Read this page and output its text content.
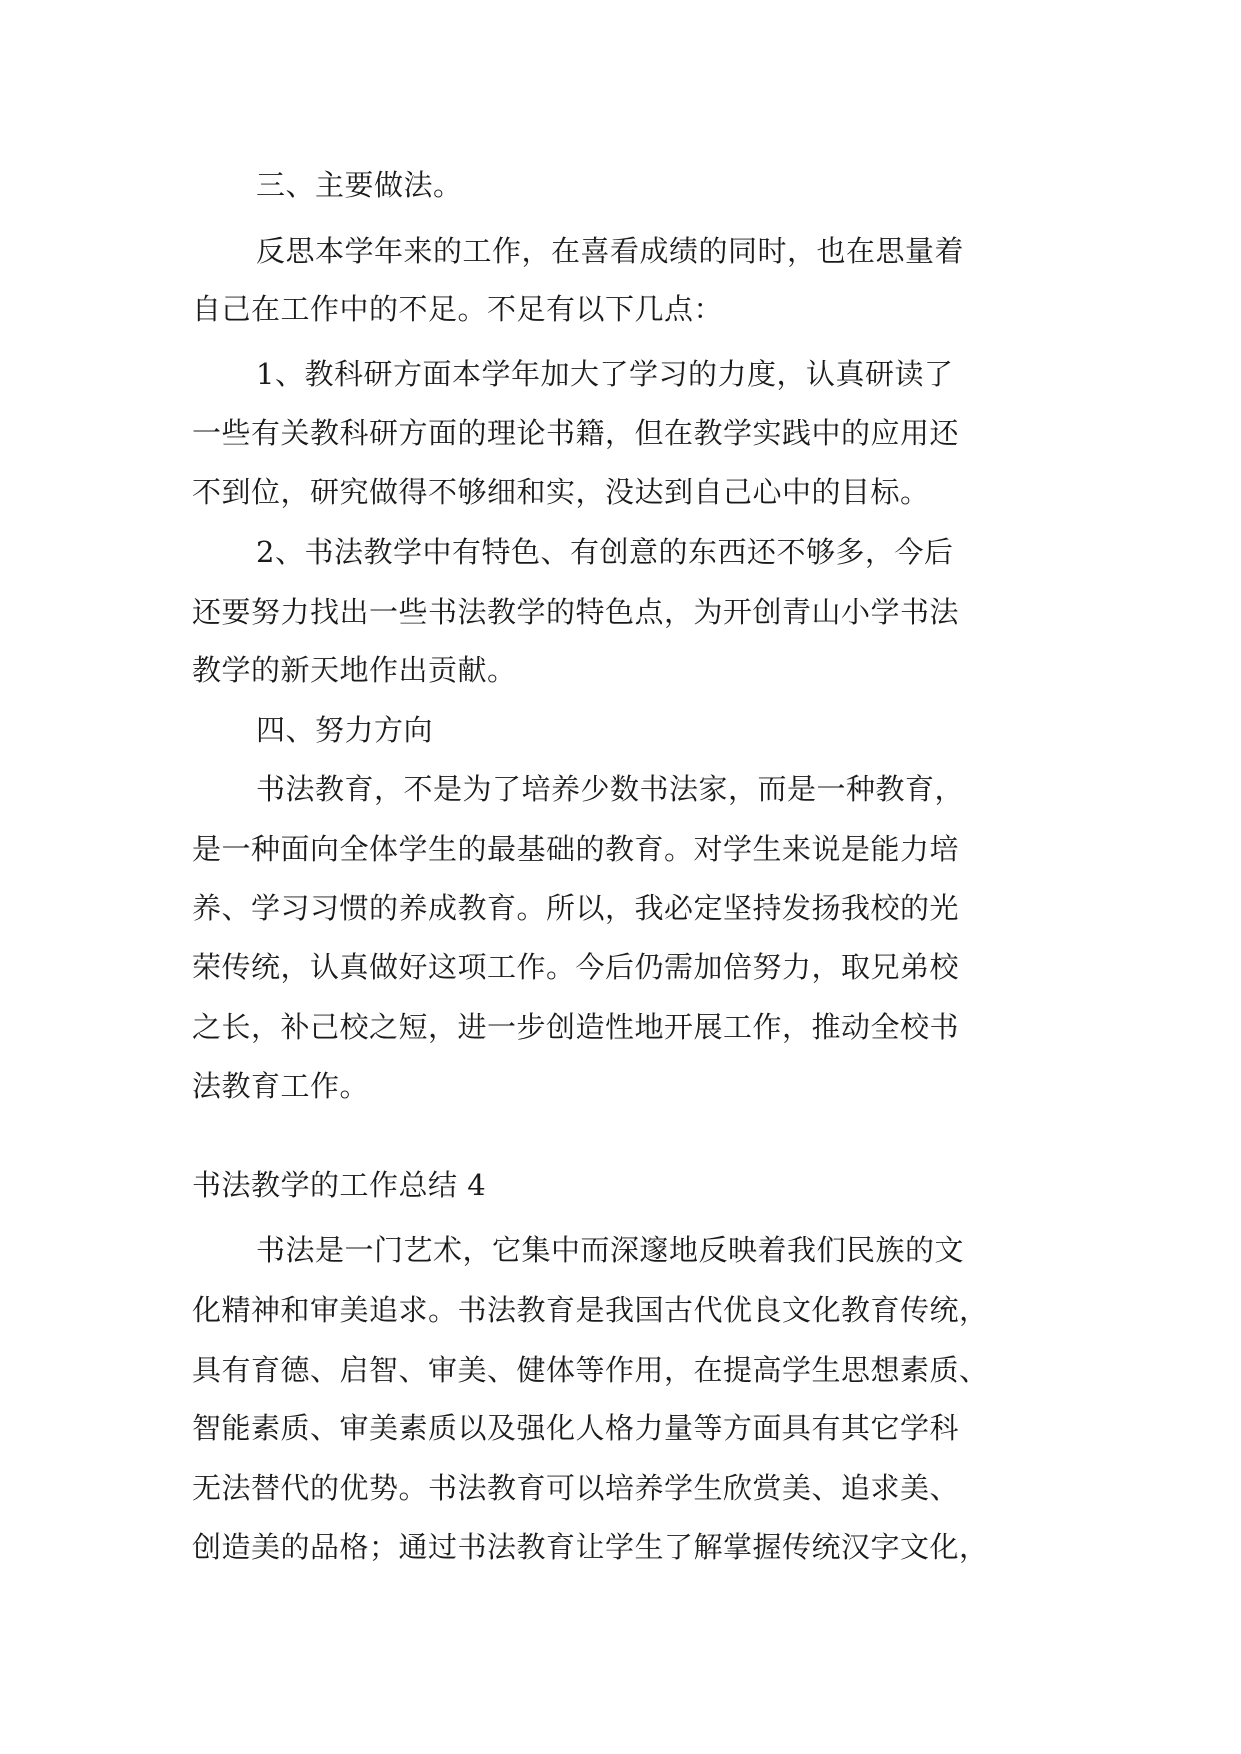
三、主要做法。
反思本学年来的工作，在喜看成绩的同时，也在思量着
自己在工作中的不足。不足有以下几点：
1、教科研方面本学年加大了学习的力度，认真研读了
一些有关教科研方面的理论书籍，但在教学实践中的应用还
不到位，研究做得不够细和实，没达到自己心中的目标。
2、书法教学中有特色、有创意的东西还不够多，今后
还要努力找出一些书法教学的特色点，为开创青山小学书法
教学的新天地作出贡献。
四、努力方向
书法教育，不是为了培养少数书法家，而是一种教育，
是一种面向全体学生的最基础的教育。对学生来说是能力培
养、学习习惯的养成教育。所以，我必定坚持发扬我校的光
荣传统，认真做好这项工作。今后仍需加倍努力，取兄弟校
之长，补己校之短，进一步创造性地开展工作，推动全校书
法教育工作。
书法教学的工作总结 4
书法是一门艺术，它集中而深邃地反映着我们民族的文
化精神和审美追求。书法教育是我国古代优良文化教育传统，
具有育德、启智、审美、健体等作用，在提高学生思想素质、
智能素质、审美素质以及强化人格力量等方面具有其它学科
无法替代的优势。书法教育可以培养学生欣赏美、追求美、
创造美的品格；通过书法教育让学生了解掌握传统汉字文化，
